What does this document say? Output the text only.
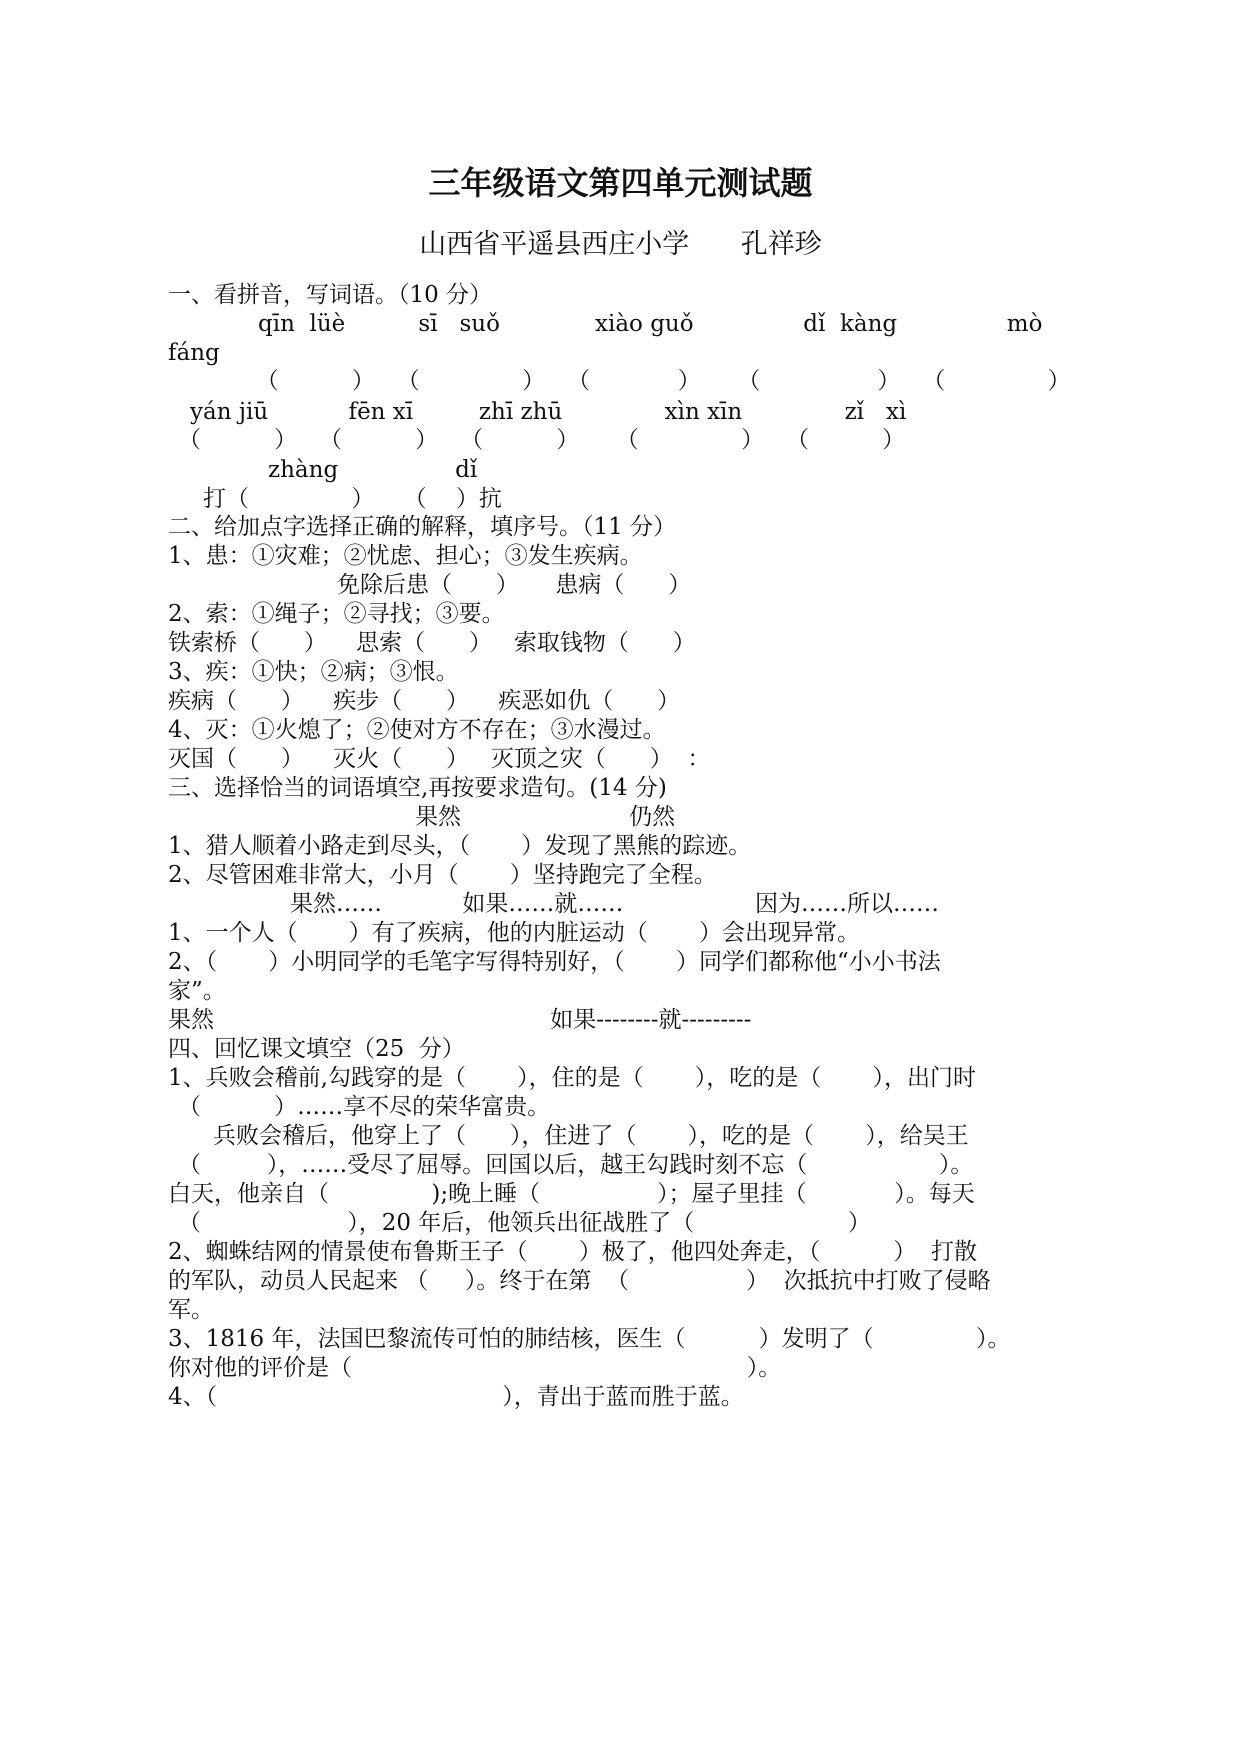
三年级语文第四单元测试题
山西省平遥县西庄小学      孔祥珍
一、看拼音，写词语。（10 分）
qīn  lüè          sī   suǒ             xiào guǒ               dǐ  kàng               mò
fáng
（          ）   （              ）   （            ）     （                ）   （              ）
yán jiū           fēn xī         zhī zhū              xìn xīn              zǐ   xì
（          ）   （          ）   （          ）     （              ）   （          ）
zhàng                dǐ
打（              ）    （    ）抗
二、给加点字选择正确的解释，填序号。（11 分）
1、患：①灾难；②忧虑、担心；③发生疾病。
免除后患（      ）     患病（      ）
2、索：①绳子；②寻找；③要。
铁索桥（      ）    思索（      ）   索取钱物（      ）
3、疾：①快；②病；③恨。
疾病（      ）    疾步（      ）    疾恶如仇（      ）
4、灭：①火熄了；②使对方不存在；③水漫过。
灭国（      ）    灭火（      ）   灭顶之灾（      ）  ：
三、选择恰当的词语填空,再按要求造句。(14 分)
果然                       仍然
1、猎人顺着小路走到尽头，（       ）发现了黑熊的踪迹。
2、尽管困难非常大，小月（       ）坚持跑完了全程。
果然……           如果……就……                  因为……所以……
1、一个人（       ）有了疾病，他的内脏运动（       ）会出现异常。
2、（       ）小明同学的毛笔字写得特别好，（       ）同学们都称他“小小书法
家”。
果然                                              如果--------就---------
四、回忆课文填空（25  分）
1、兵败会稽前,勾践穿的是（       ），住的是（       ），吃的是（       ），出门时
（          ）……享不尽的荣华富贵。
兵败会稽后，他穿上了（      ），住进了（       ），吃的是（       ），给吴王
（         ），……受尽了屈辱。回国以后，越王勾践时刻不忘（                  ）。
白天，他亲自（              );晚上睡（                ）；屋子里挂（            ）。每天
（                    ），20 年后，他领兵出征战胜了（                     ）
2、蜘蛛结网的情景使布鲁斯王子（       ）极了，他四处奔走，（          ）  打散
的军队，动员人民起来 （     ）。终于在第  （                ）  次抵抗中打败了侵略
军。
3、1816 年，法国巴黎流传可怕的肺结核，医生（          ）发明了（              ）。
你对他的评价是（                                                      ）。
4、（                                       ），青出于蓝而胜于蓝。
